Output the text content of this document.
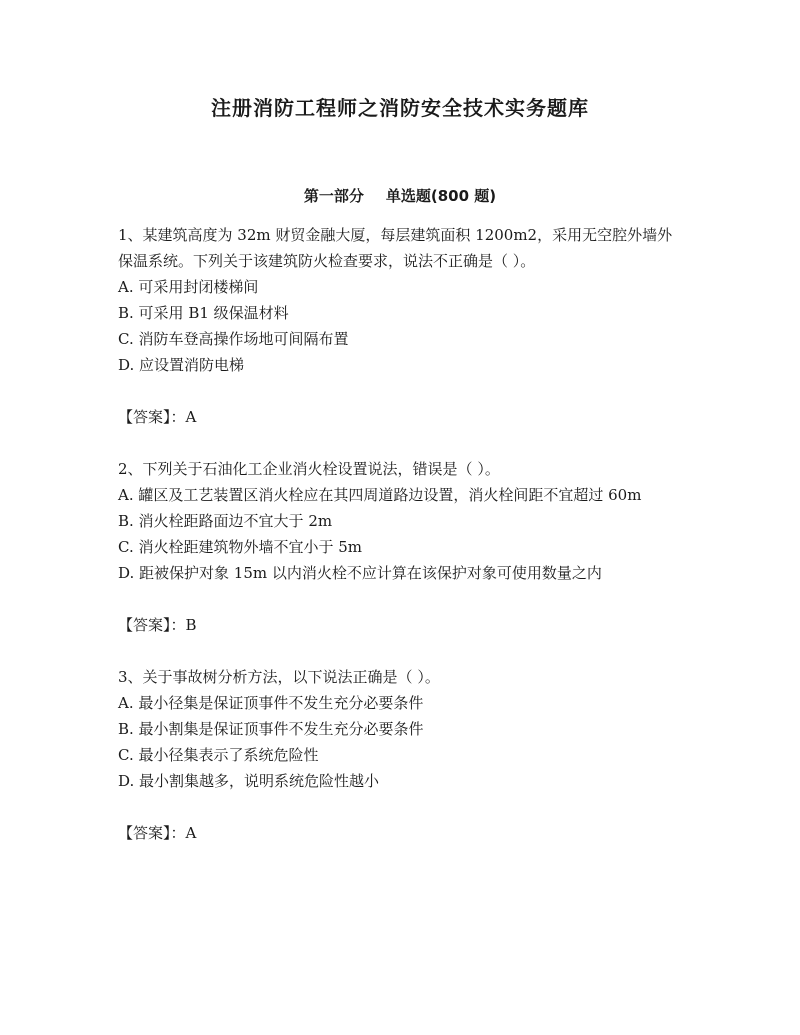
注册消防工程师之消防安全技术实务题库
第一部分 单选题(800 题)

1、某建筑高度为 32m 财贸金融大厦，每层建筑面积 1200m2，采用无空腔外墙外保温系统。下列关于该建筑防火检查要求，说法不正确是（ ）。

A. 可采用封闭楼梯间

B. 可采用 B1 级保温材料

C. 消防车登高操作场地可间隔布置

D. 应设置消防电梯

【答案】：A

2、下列关于石油化工企业消火栓设置说法，错误是（ ）。

A. 罐区及工艺装置区消火栓应在其四周道路边设置，消火栓间距不宜超过 60m

B. 消火栓距路面边不宜大于 2m

C. 消火栓距建筑物外墙不宜小于 5m

D. 距被保护对象 15m 以内消火栓不应计算在该保护对象可使用数量之内

【答案】：B

3、关于事故树分析方法，以下说法正确是（ ）。

A. 最小径集是保证顶事件不发生充分必要条件

B. 最小割集是保证顶事件不发生充分必要条件

C. 最小径集表示了系统危险性

D. 最小割集越多，说明系统危险性越小

【答案】：A
